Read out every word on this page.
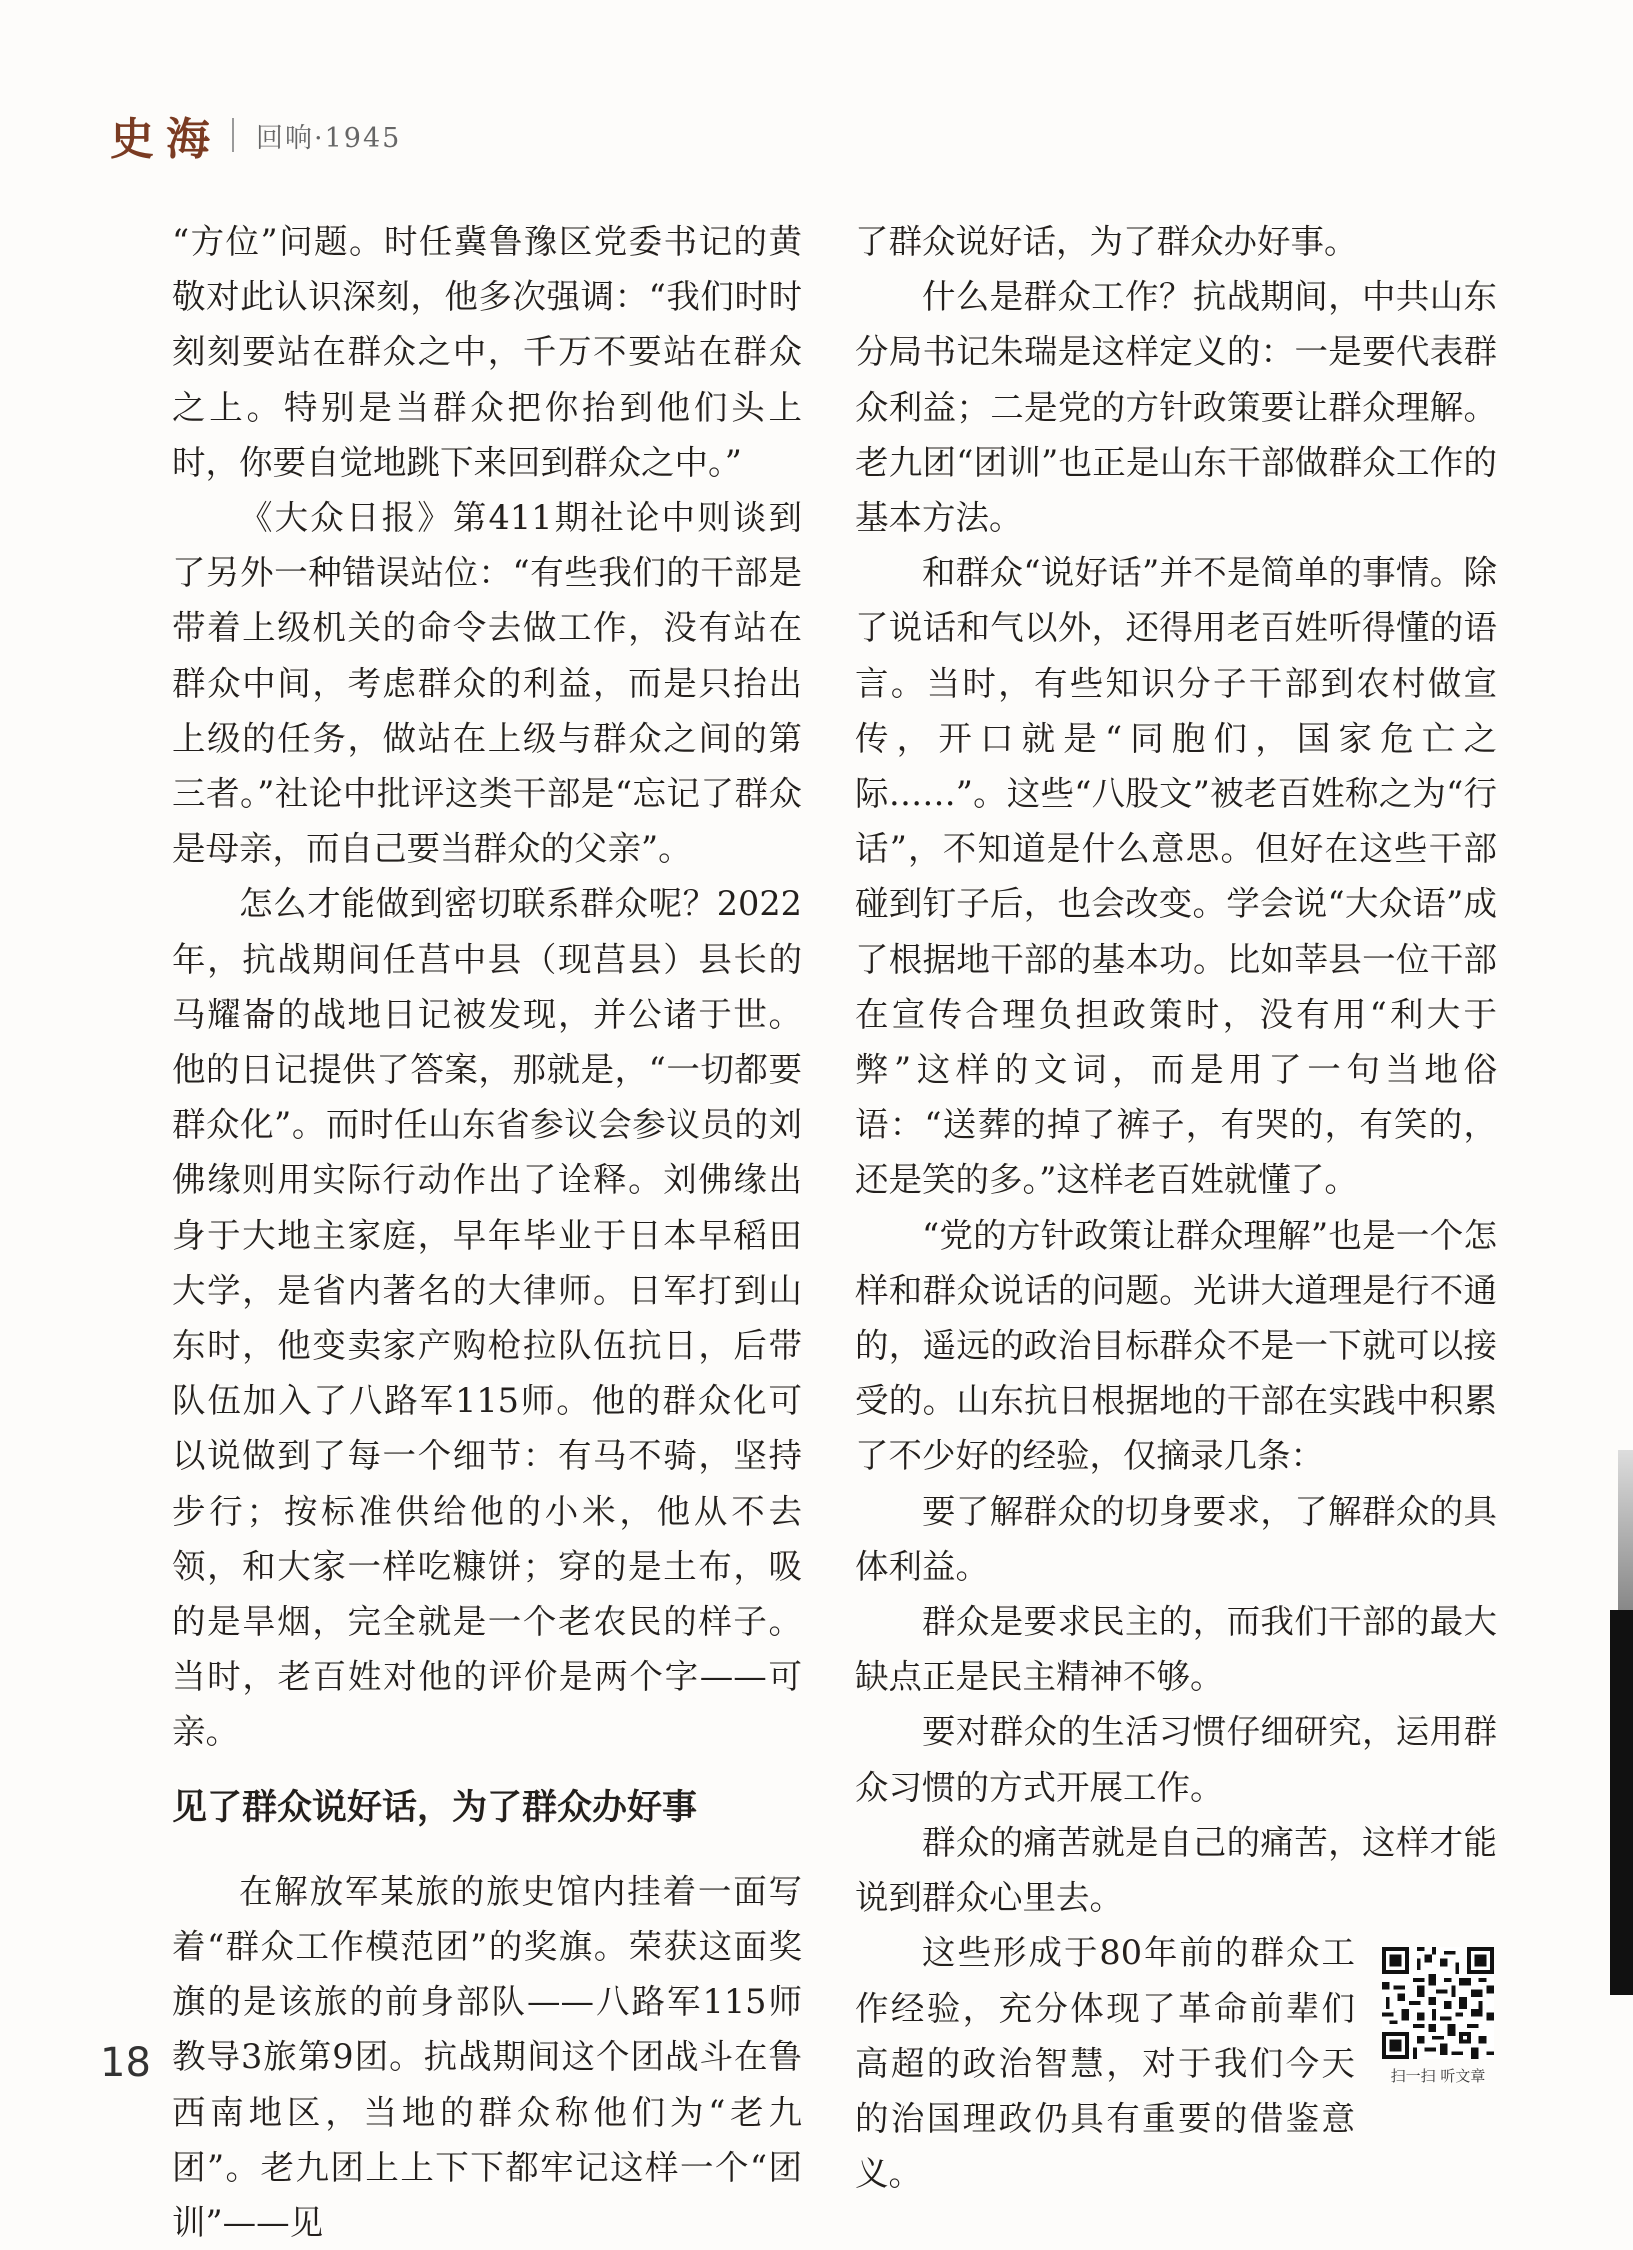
史海 回响·1945

“方位”问题。时任冀鲁豫区党委书记的黄敬对此认识深刻，他多次强调：“我们时时刻刻要站在群众之中，千万不要站在群众之上。特别是当群众把你抬到他们头上时，你要自觉地跳下来回到群众之中。”

《大众日报》第411期社论中则谈到了另外一种错误站位：“有些我们的干部是带着上级机关的命令去做工作，没有站在群众中间，考虑群众的利益，而是只抬出上级的任务，做站在上级与群众之间的第三者。”社论中批评这类干部是“忘记了群众是母亲，而自己要当群众的父亲”。

怎么才能做到密切联系群众呢？2022年，抗战期间任莒中县（现莒县）县长的马耀崙的战地日记被发现，并公诸于世。他的日记提供了答案，那就是，“一切都要群众化”。而时任山东省参议会参议员的刘佛缘则用实际行动作出了诠释。刘佛缘出身于大地主家庭，早年毕业于日本早稻田大学，是省内著名的大律师。日军打到山东时，他变卖家产购枪拉队伍抗日，后带队伍加入了八路军115师。他的群众化可以说做到了每一个细节：有马不骑，坚持步行；按标准供给他的小米，他从不去领，和大家一样吃糠饼；穿的是土布，吸的是旱烟，完全就是一个老农民的样子。当时，老百姓对他的评价是两个字——可亲。

见了群众说好话，为了群众办好事

在解放军某旅的旅史馆内挂着一面写着“群众工作模范团”的奖旗。荣获这面奖旗的是该旅的前身部队——八路军115师教导3旅第9团。抗战期间这个团战斗在鲁西南地区，当地的群众称他们为“老九团”。老九团上上下下都牢记这样一个“团训”——见

了群众说好话，为了群众办好事。

什么是群众工作？抗战期间，中共山东分局书记朱瑞是这样定义的：一是要代表群众利益；二是党的方针政策要让群众理解。老九团“团训”也正是山东干部做群众工作的基本方法。

和群众“说好话”并不是简单的事情。除了说话和气以外，还得用老百姓听得懂的语言。当时，有些知识分子干部到农村做宣传，开口就是“同胞们，国家危亡之际……”。这些“八股文”被老百姓称之为“行话”，不知道是什么意思。但好在这些干部碰到钉子后，也会改变。学会说“大众语”成了根据地干部的基本功。比如莘县一位干部在宣传合理负担政策时，没有用“利大于弊”这样的文词，而是用了一句当地俗语：“送葬的掉了裤子，有哭的，有笑的，还是笑的多。”这样老百姓就懂了。

“党的方针政策让群众理解”也是一个怎样和群众说话的问题。光讲大道理是行不通的，遥远的政治目标群众不是一下就可以接受的。山东抗日根据地的干部在实践中积累了不少好的经验，仅摘录几条：

要了解群众的切身要求，了解群众的具体利益。

群众是要求民主的，而我们干部的最大缺点正是民主精神不够。

要对群众的生活习惯仔细研究，运用群众习惯的方式开展工作。

群众的痛苦就是自己的痛苦，这样才能说到群众心里去。

这些形成于80年前的群众工作经验，充分体现了革命前辈们高超的政治智慧，对于我们今天的治国理政仍具有重要的借鉴意义。

扫一扫 听文章
18
